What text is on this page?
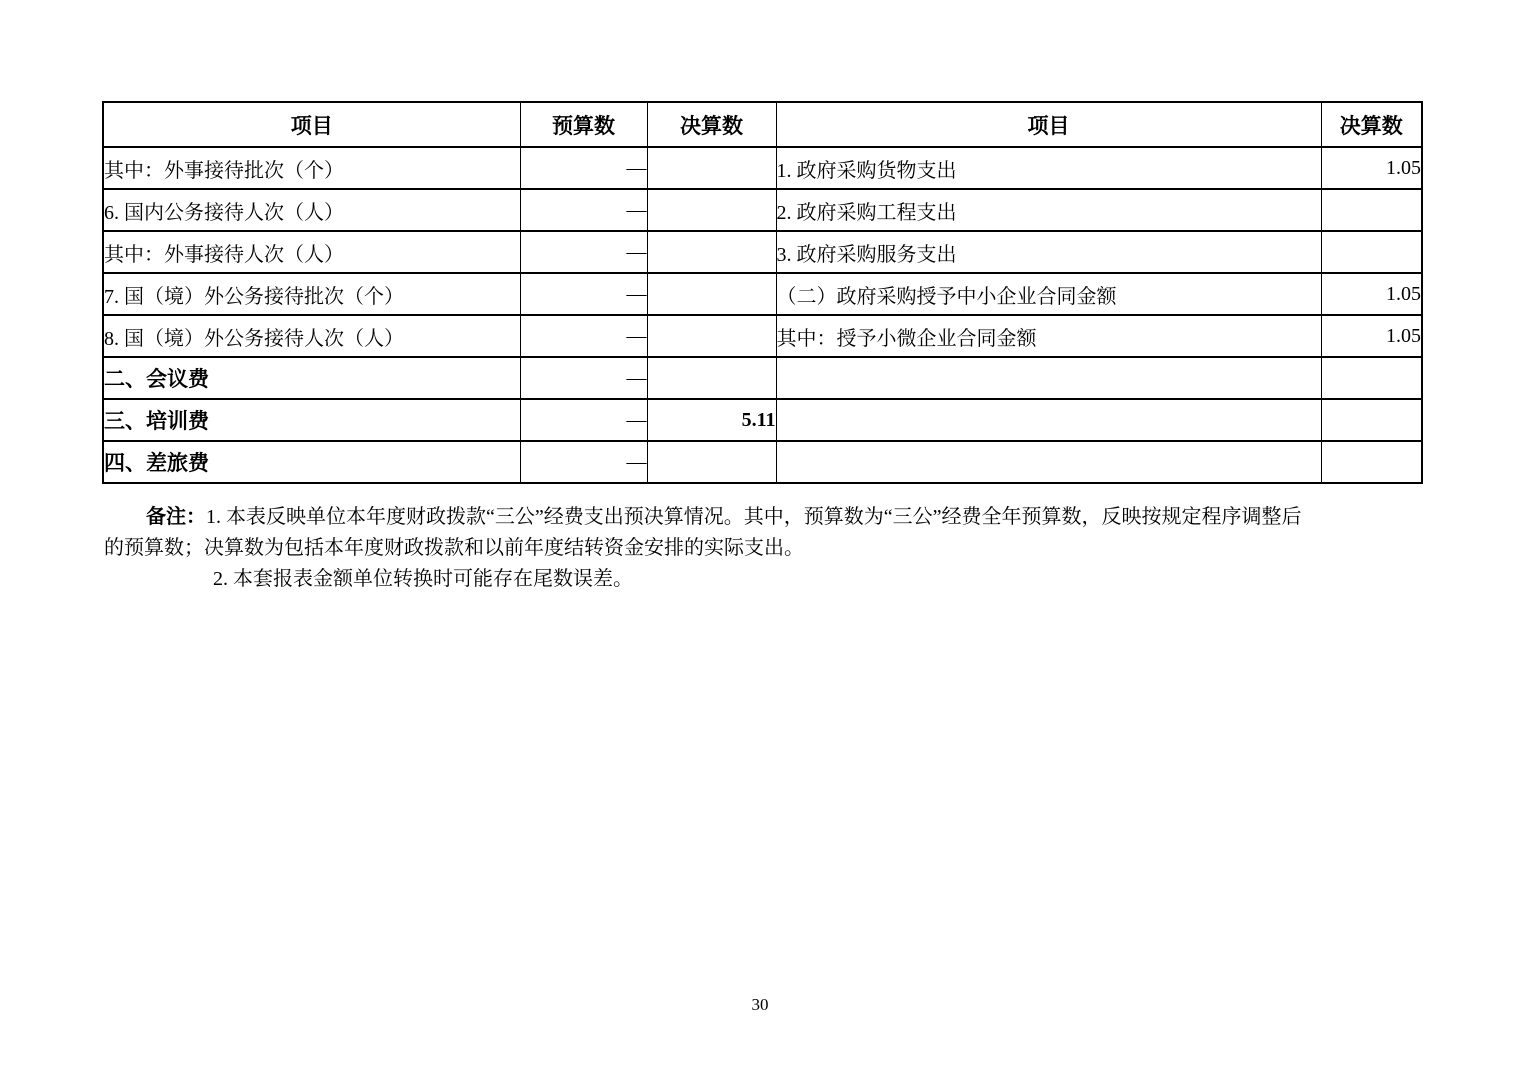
项目	预算数	决算数	项目	决算数
其中：外事接待批次（个）	—		1. 政府采购货物支出	1.05
6. 国内公务接待人次（人）	—		2. 政府采购工程支出	
其中：外事接待人次（人）	—		3. 政府采购服务支出	
7. 国（境）外公务接待批次（个）	—		（二）政府采购授予中小企业合同金额	1.05
8. 国（境）外公务接待人次（人）	—		其中：授予小微企业合同金额	1.05
二、会议费	—			
三、培训费	—	5.11		
四、差旅费	—			
备注：1. 本表反映单位本年度财政拨款“三公”经费支出预决算情况。其中，预算数为“三公”经费全年预算数，反映按规定程序调整后
的预算数；决算数为包括本年度财政拨款和以前年度结转资金安排的实际支出。
2. 本套报表金额单位转换时可能存在尾数误差。
30
